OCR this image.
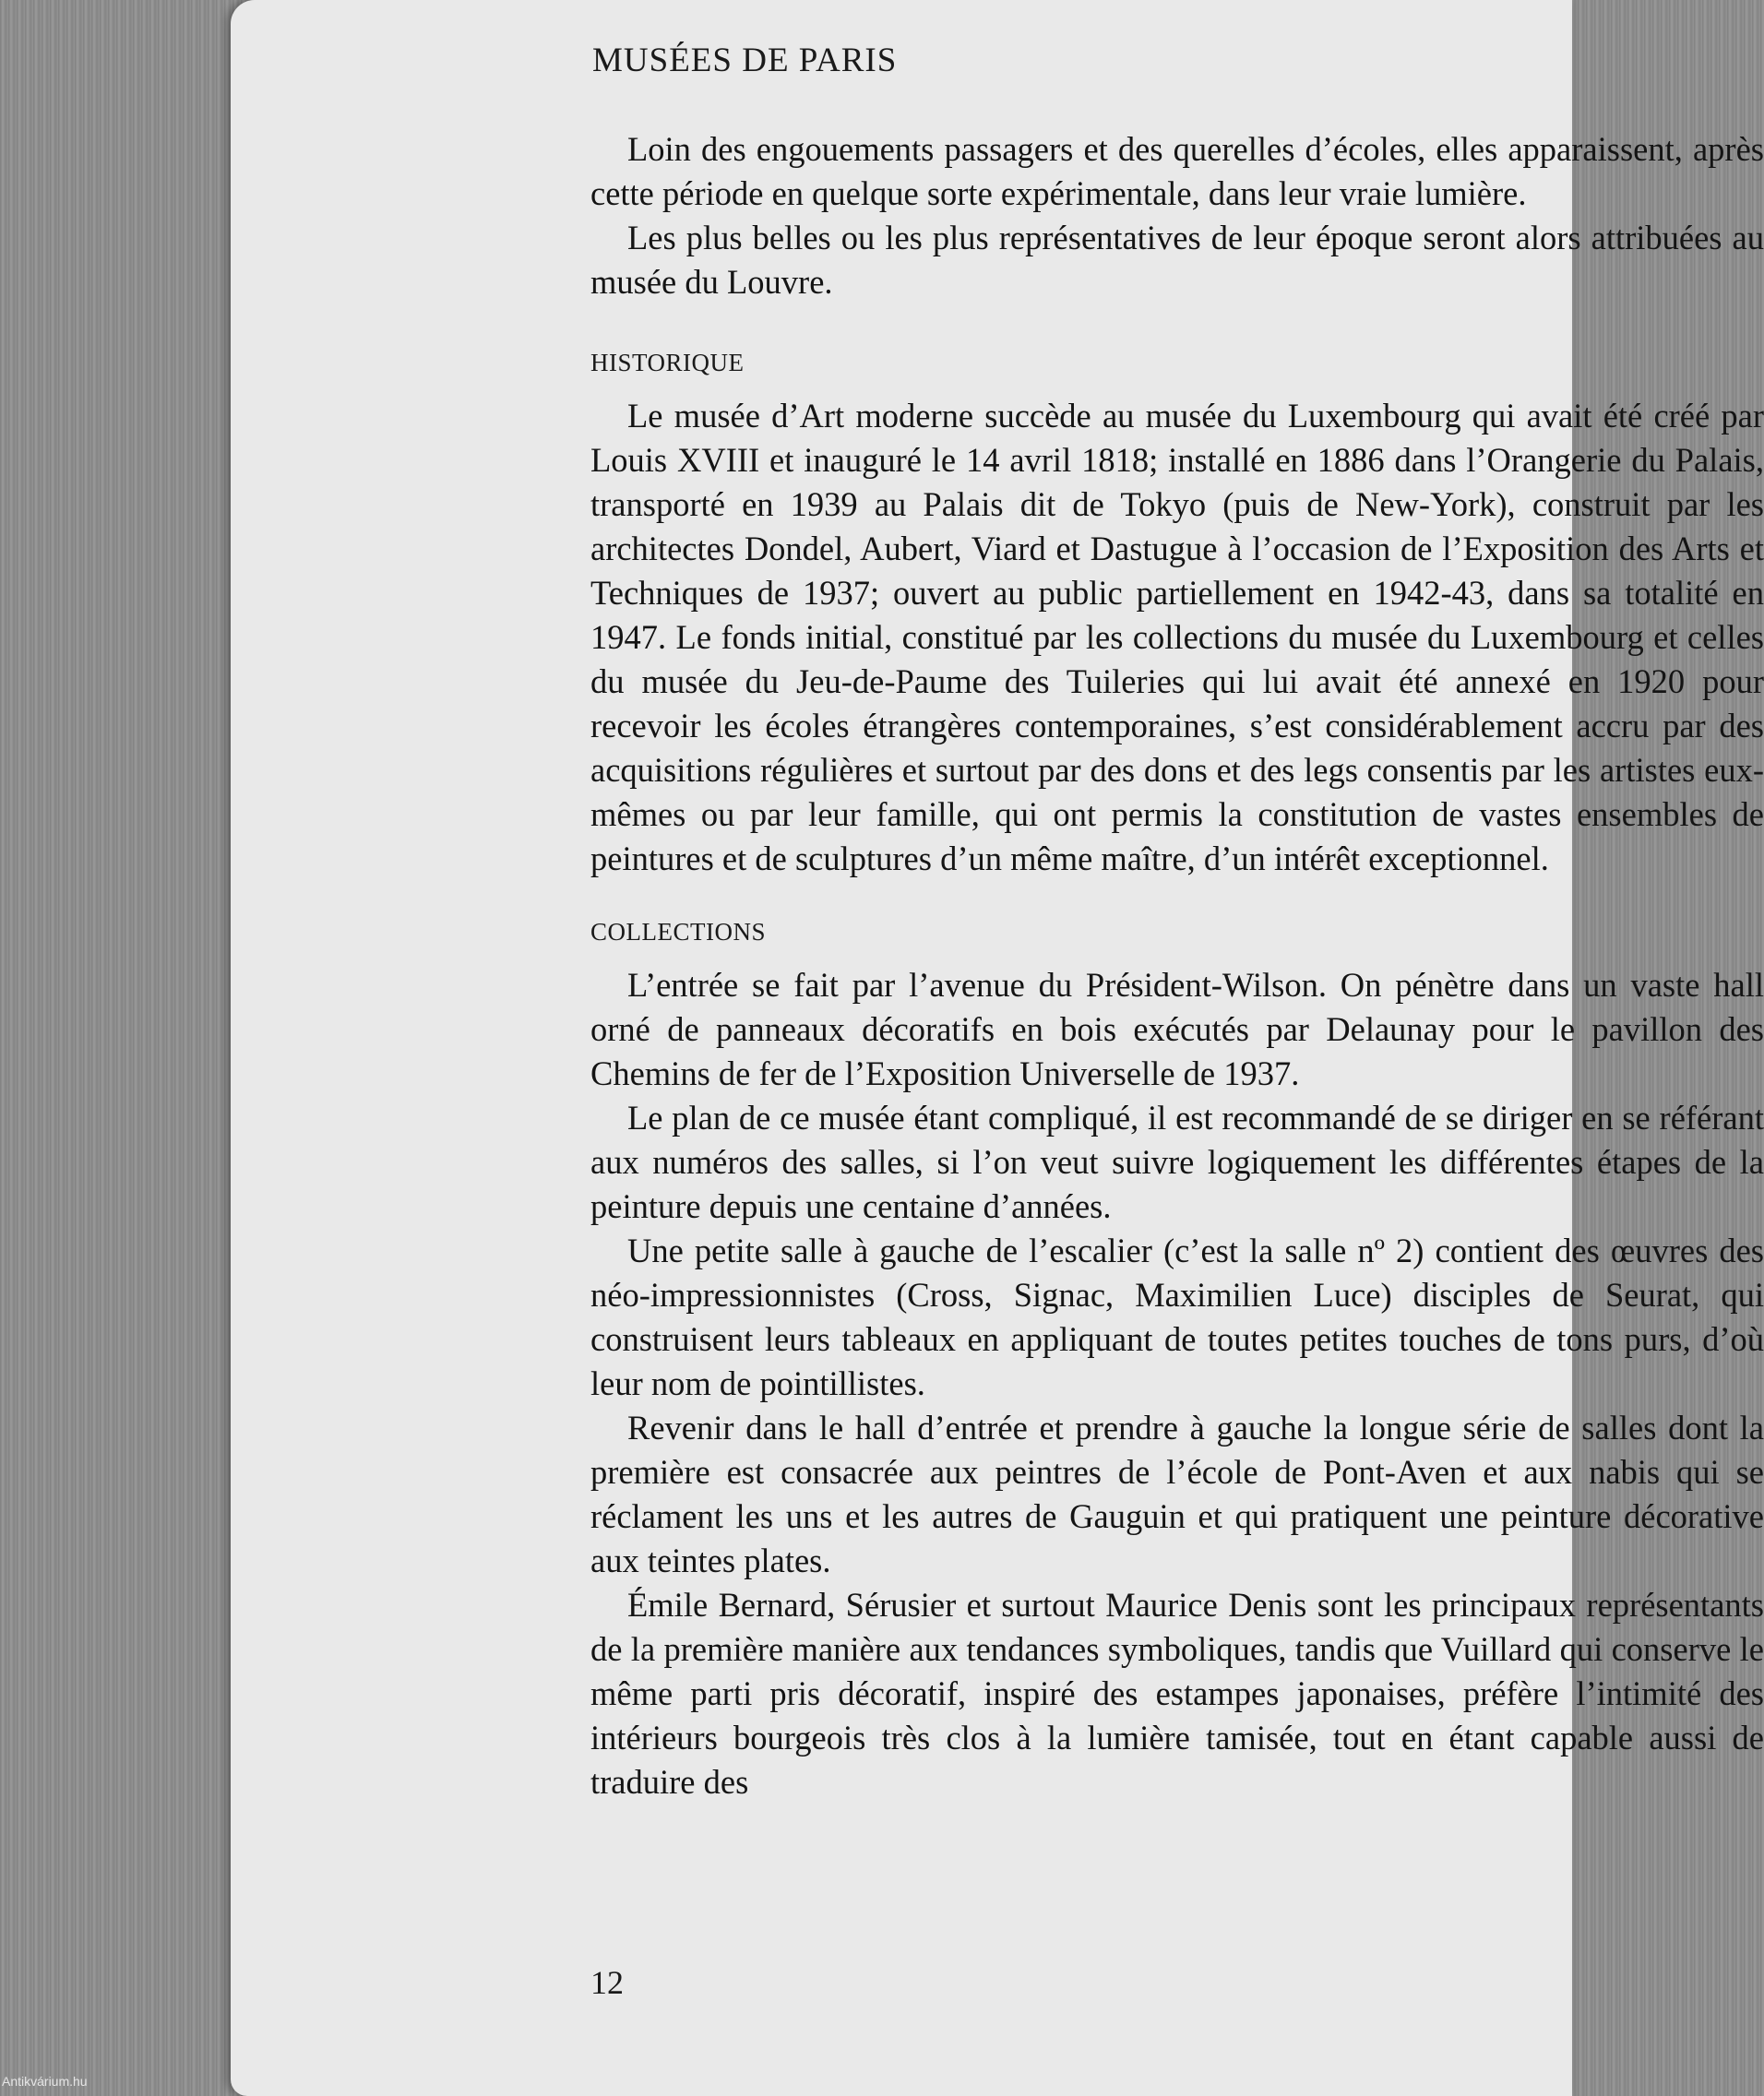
MUSÉES DE PARIS

Loin des engouements passagers et des querelles d’écoles, elles apparaissent, après cette période en quelque sorte expérimentale, dans leur vraie lumière.

Les plus belles ou les plus représentatives de leur époque seront alors attribuées au musée du Louvre.

HISTORIQUE

Le musée d’Art moderne succède au musée du Luxembourg qui avait été créé par Louis XVIII et inauguré le 14 avril 1818; installé en 1886 dans l’Orangerie du Palais, transporté en 1939 au Palais dit de Tokyo (puis de New-York), construit par les architectes Dondel, Aubert, Viard et Dastugue à l’occasion de l’Exposition des Arts et Techniques de 1937; ouvert au public partiellement en 1942-43, dans sa totalité en 1947. Le fonds initial, constitué par les collections du musée du Luxembourg et celles du musée du Jeu-de-Paume des Tuileries qui lui avait été annexé en 1920 pour recevoir les écoles étrangères contemporaines, s’est considérablement accru par des acquisitions régulières et surtout par des dons et des legs consentis par les artistes eux-mêmes ou par leur famille, qui ont permis la constitution de vastes ensembles de peintures et de sculptures d’un même maître, d’un intérêt exceptionnel.

COLLECTIONS

L’entrée se fait par l’avenue du Président-Wilson. On pénètre dans un vaste hall orné de panneaux décoratifs en bois exécutés par Delaunay pour le pavillon des Chemins de fer de l’Exposition Universelle de 1937.

Le plan de ce musée étant compliqué, il est recommandé de se diriger en se référant aux numéros des salles, si l’on veut suivre logiquement les différentes étapes de la peinture depuis une centaine d’années.

Une petite salle à gauche de l’escalier (c’est la salle nº 2) contient des œuvres des néo-impressionnistes (Cross, Signac, Maximilien Luce) disciples de Seurat, qui construisent leurs tableaux en appliquant de toutes petites touches de tons purs, d’où leur nom de pointillistes.

Revenir dans le hall d’entrée et prendre à gauche la longue série de salles dont la première est consacrée aux peintres de l’école de Pont-Aven et aux nabis qui se réclament les uns et les autres de Gauguin et qui pratiquent une peinture décorative aux teintes plates.

Émile Bernard, Sérusier et surtout Maurice Denis sont les principaux représentants de la première manière aux tendances symboliques, tandis que Vuillard qui conserve le même parti pris décoratif, inspiré des estampes japonaises, préfère l’intimité des intérieurs bourgeois très clos à la lumière tamisée, tout en étant capable aussi de traduire des

12
Antikvárium.hu
